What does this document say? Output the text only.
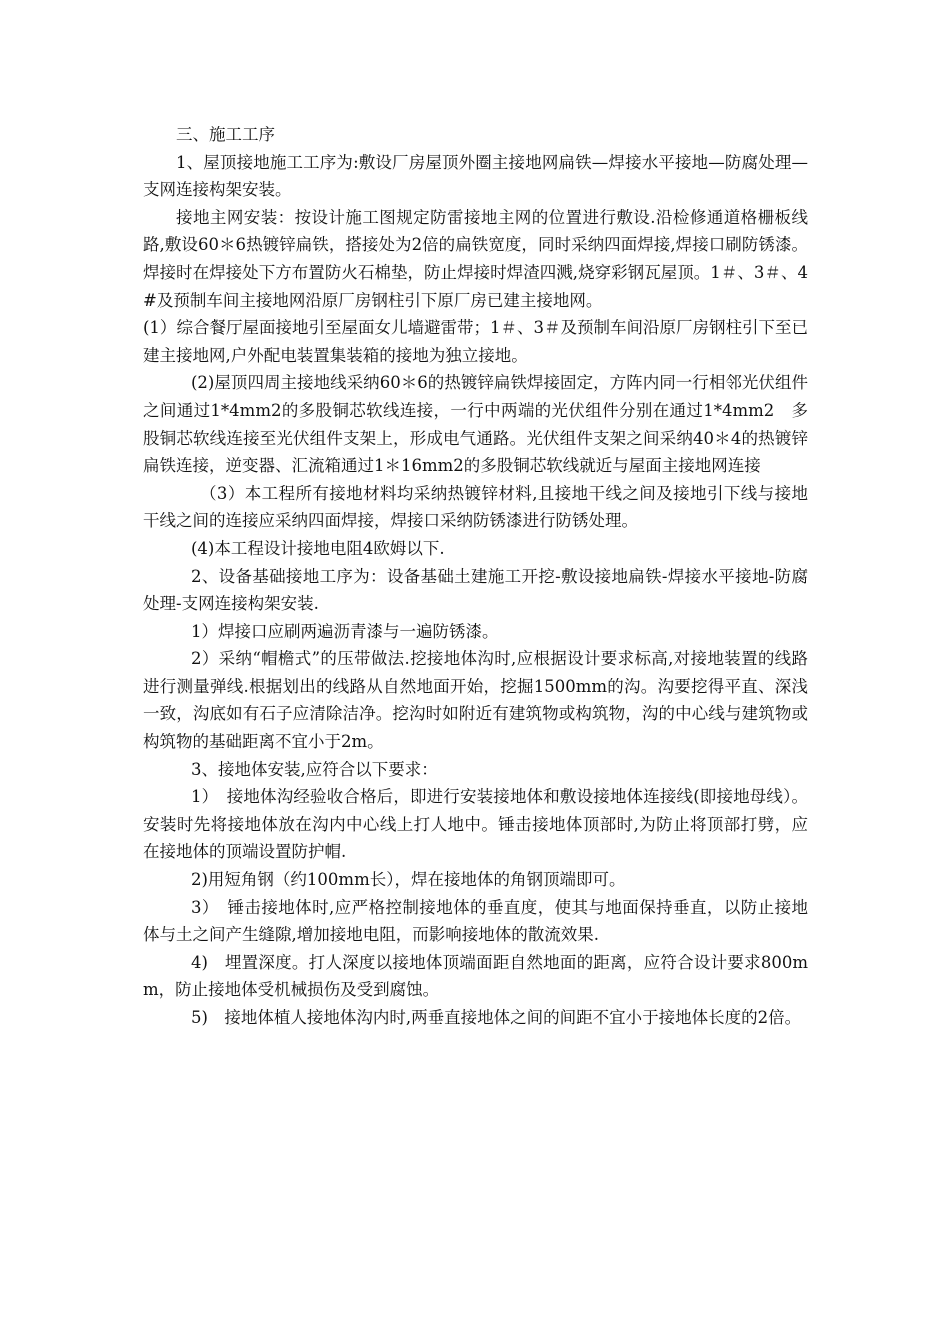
三、施工工序

1、屋顶接地施工工序为:敷设厂房屋顶外圈主接地网扁铁—焊接水平接地—防腐处理—支网连接构架安装。

接地主网安装：按设计施工图规定防雷接地主网的位置进行敷设.沿检修通道格栅板线路,敷设60＊6热镀锌扁铁，搭接处为2倍的扁铁宽度，同时采纳四面焊接,焊接口刷防锈漆。焊接时在焊接处下方布置防火石棉垫，防止焊接时焊渣四溅,烧穿彩钢瓦屋顶。1＃、3＃、4#及预制车间主接地网沿原厂房钢柱引下原厂房已建主接地网。

(1）综合餐厅屋面接地引至屋面女儿墙避雷带；1＃、3＃及预制车间沿原厂房钢柱引下至已建主接地网,户外配电装置集装箱的接地为独立接地。

(2)屋顶四周主接地线采纳60＊6的热镀锌扁铁焊接固定，方阵内同一行相邻光伏组件之间通过1*4mm2的多股铜芯软线连接，一行中两端的光伏组件分别在通过1*4mm2　多股铜芯软线连接至光伏组件支架上，形成电气通路。光伏组件支架之间采纳40＊4的热镀锌扁铁连接，逆变器、汇流箱通过1＊16mm2的多股铜芯软线就近与屋面主接地网连接

（3）本工程所有接地材料均采纳热镀锌材料,且接地干线之间及接地引下线与接地干线之间的连接应采纳四面焊接，焊接口采纳防锈漆进行防锈处理。

(4)本工程设计接地电阻4欧姆以下.

2、设备基础接地工序为：设备基础土建施工开挖-敷设接地扁铁-焊接水平接地-防腐处理-支网连接构架安装.

1）焊接口应刷两遍沥青漆与一遍防锈漆。

2）采纳“帽檐式”的压带做法.挖接地体沟时,应根据设计要求标高,对接地装置的线路进行测量弹线.根据划出的线路从自然地面开始，挖掘1500mm的沟。沟要挖得平直、深浅一致，沟底如有石子应清除洁净。挖沟时如附近有建筑物或构筑物，沟的中心线与建筑物或构筑物的基础距离不宜小于2m。

3、接地体安装,应符合以下要求：

1）　接地体沟经验收合格后，即进行安装接地体和敷设接地体连接线(即接地母线）。安装时先将接地体放在沟内中心线上打人地中。锤击接地体顶部时,为防止将顶部打劈，应在接地体的顶端设置防护帽.

2)用短角钢（约100mm长），焊在接地体的角钢顶端即可。

3）　锤击接地体时,应严格控制接地体的垂直度，使其与地面保持垂直，以防止接地体与土之间产生缝隙,增加接地电阻，而影响接地体的散流效果.

4)　埋置深度。打人深度以接地体顶端面距自然地面的距离，应符合设计要求800mm，防止接地体受机械损伤及受到腐蚀。

5)　接地体植人接地体沟内时,两垂直接地体之间的间距不宜小于接地体长度的2倍。
